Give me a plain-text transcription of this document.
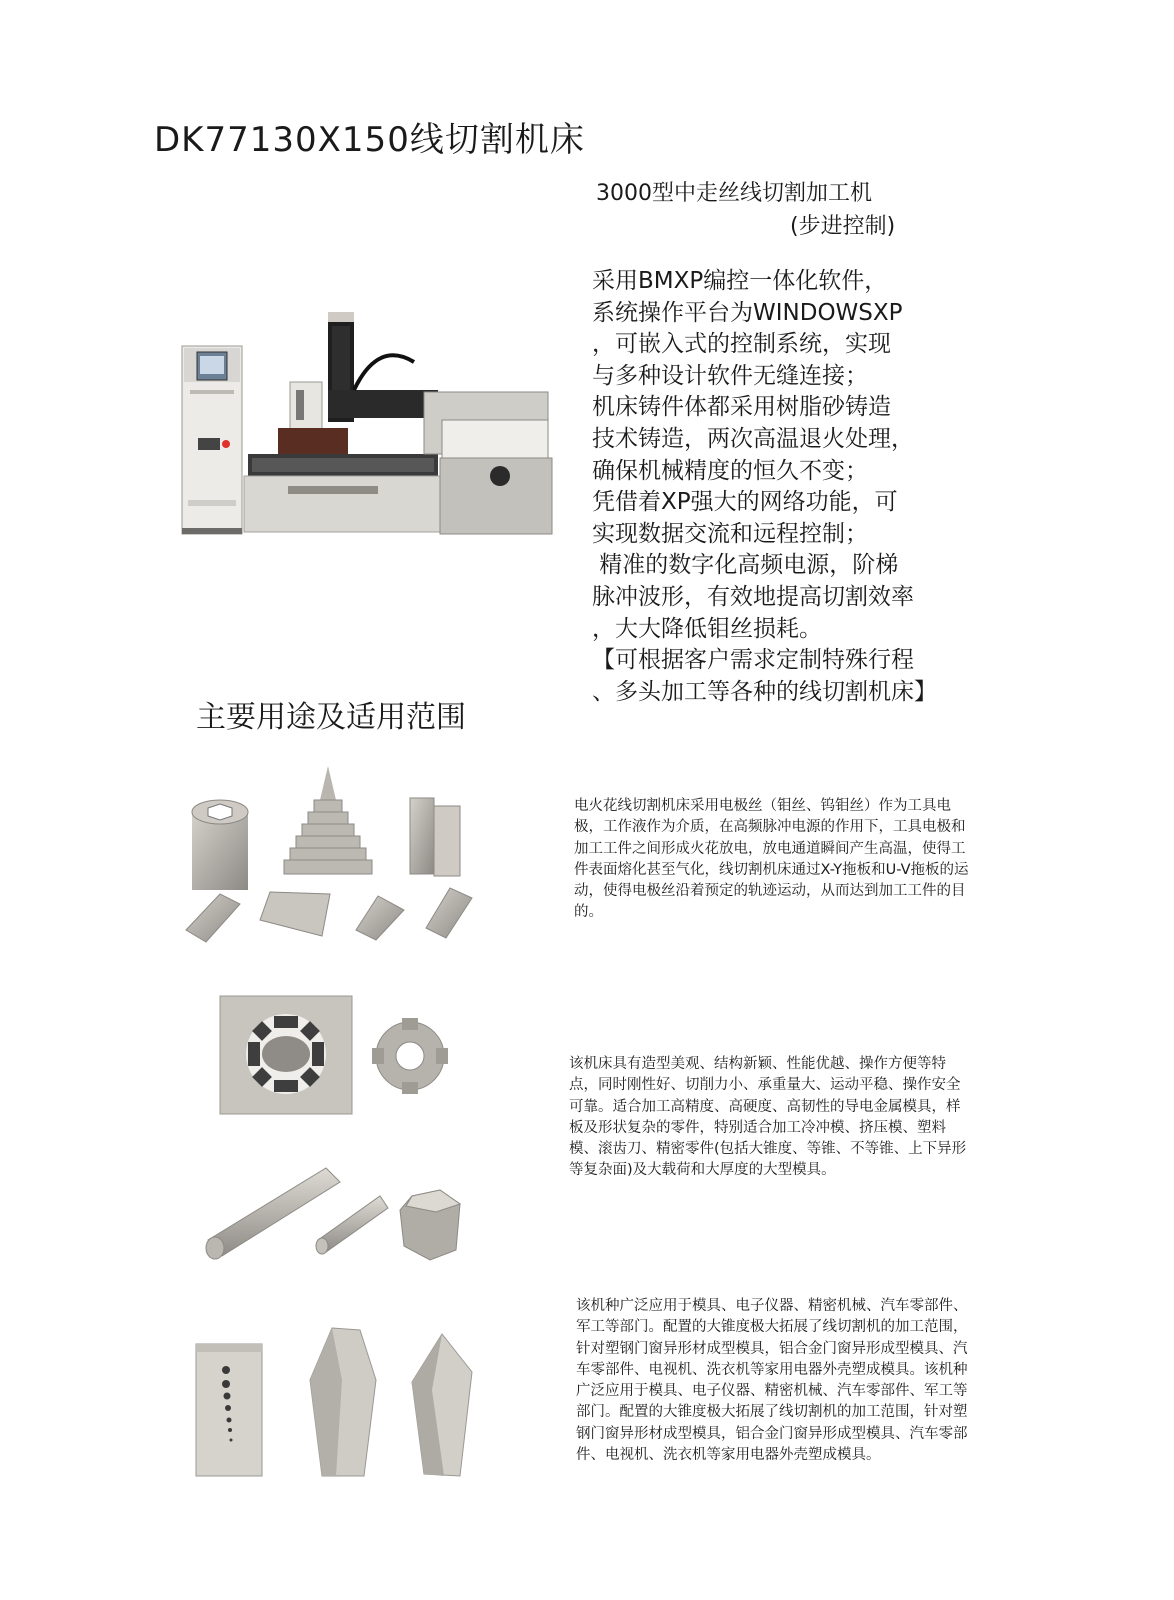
DK77130X150线切割机床
3000型中走丝线切割加工机
(步进控制)
采用BMXP编控一体化软件，
系统操作平台为WINDOWSXP
，可嵌入式的控制系统，实现
与多种设计软件无缝连接；
机床铸件体都采用树脂砂铸造
技术铸造，两次高温退火处理，
确保机械精度的恒久不变；
凭借着XP强大的网络功能，可
实现数据交流和远程控制；
精准的数字化高频电源，阶梯
脉冲波形，有效地提高切割效率
，大大降低钼丝损耗。
【可根据客户需求定制特殊行程
、多头加工等各种的线切割机床】
主要用途及适用范围
电火花线切割机床采用电极丝（钼丝、钨钼丝）作为工具电极，工作液作为介质，在高频脉冲电源的作用下，工具电极和加工工件之间形成火花放电，放电通道瞬间产生高温，使得工件表面熔化甚至气化，线切割机床通过X-Y拖板和U-V拖板的运动，使得电极丝沿着预定的轨迹运动，从而达到加工工件的目的。
该机床具有造型美观、结构新颖、性能优越、操作方便等特点，同时刚性好、切削力小、承重量大、运动平稳、操作安全可靠。适合加工高精度、高硬度、高韧性的导电金属模具，样板及形状复杂的零件，特别适合加工冷冲模、挤压模、塑料模、滚齿刀、精密零件(包括大锥度、等锥、不等锥、上下异形等复杂面)及大载荷和大厚度的大型模具。
该机种广泛应用于模具、电子仪器、精密机械、汽车零部件、军工等部门。配置的大锥度极大拓展了线切割机的加工范围，针对塑钢门窗异形材成型模具，铝合金门窗异形成型模具、汽车零部件、电视机、洗衣机等家用电器外壳塑成模具。该机种广泛应用于模具、电子仪器、精密机械、汽车零部件、军工等部门。配置的大锥度极大拓展了线切割机的加工范围，针对塑钢门窗异形材成型模具，铝合金门窗异形成型模具、汽车零部件、电视机、洗衣机等家用电器外壳塑成模具。
